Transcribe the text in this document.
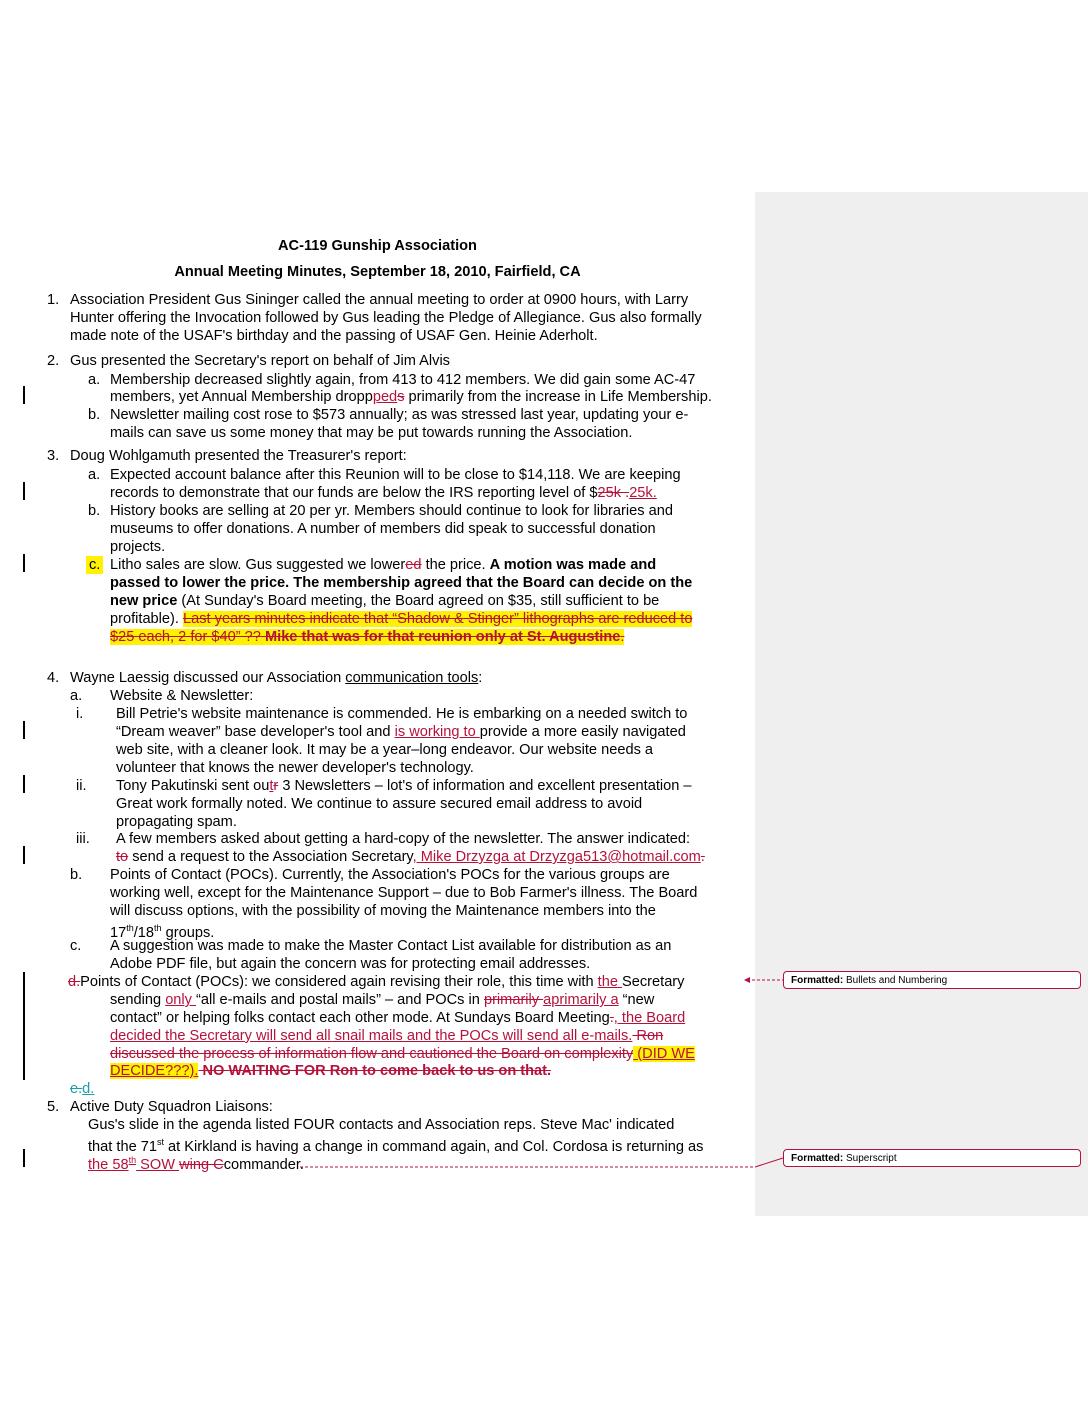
AC-119 Gunship Association
Annual Meeting Minutes, September 18, 2010, Fairfield, CA
1. Association President Gus Sininger called the annual meeting to order at 0900 hours, with Larry
Hunter offering the Invocation followed by Gus leading the Pledge of Allegiance. Gus also formally
made note of the USAF's birthday and the passing of USAF Gen. Heinie Aderholt.
2. Gus presented the Secretary's report on behalf of Jim Alvis
a. Membership decreased slightly again, from 413 to 412 members. We did gain some AC-47
members, yet Annual Membership dropppeds primarily from the increase in Life Membership.
b. Newsletter mailing cost rose to $573 annually; as was stressed last year, updating your e-
mails can save us some money that may be put towards running the Association.
3. Doug Wohlgamuth presented the Treasurer's report:
a. Expected account balance after this Reunion will to be close to $14,118. We are keeping
records to demonstrate that our funds are below the IRS reporting level of $25k .25k.
b. History books are selling at 20 per yr. Members should continue to look for libraries and
museums to offer donations. A number of members did speak to successful donation
projects.
c. Litho sales are slow. Gus suggested we lowered the price. A motion was made and
passed to lower the price. The membership agreed that the Board can decide on the
new price (At Sunday's Board meeting, the Board agreed on $35, still sufficient to be
profitable). Last years minutes indicate that “Shadow & Stinger” lithographs are reduced to
$25 each, 2 for $40” ?? Mike that was for that reunion only at St. Augustine.
4. Wayne Laessig discussed our Association communication tools:
a. Website & Newsletter:
i. Bill Petrie's website maintenance is commended. He is embarking on a needed switch to
“Dream weaver” base developer's tool and is working to provide a more easily navigated
web site, with a cleaner look. It may be a year–long endeavor. Our website needs a
volunteer that knows the newer developer's technology.
ii. Tony Pakutinski sent outr 3 Newsletters – lot's of information and excellent presentation –
Great work formally noted. We continue to assure secured email address to avoid
propagating spam.
iii. A few members asked about getting a hard-copy of the newsletter. The answer indicated:
to send a request to the Association Secretary, Mike Drzyzga at Drzyzga513@hotmail.com.
b. Points of Contact (POCs). Currently, the Association's POCs for the various groups are
working well, except for the Maintenance Support – due to Bob Farmer's illness. The Board
will discuss options, with the possibility of moving the Maintenance members into the
17th/18th groups.
c. A suggestion was made to make the Master Contact List available for distribution as an
Adobe PDF file, but again the concern was for protecting email addresses.
d.Points of Contact (POCs): we considered again revising their role, this time with the Secretary
sending only “all e-mails and postal mails” – and POCs in primarily aprimarily a “new
contact” or helping folks contact each other mode. At Sundays Board Meeting., the Board
decided the Secretary will send all snail mails and the POCs will send all e-mails. Ron
discussed the process of information flow and cautioned the Board on complexity (DID WE
DECIDE???). NO WAITING FOR Ron to come back to us on that.
e.d.
5. Active Duty Squadron Liaisons:
Gus's slide in the agenda listed FOUR contacts and Association reps. Steve Mac' indicated
that the 71st at Kirkland is having a change in command again, and Col. Cordosa is returning as
the 58th SOW wing Ccommander.
Formatted: Bullets and Numbering
Formatted: Superscript
